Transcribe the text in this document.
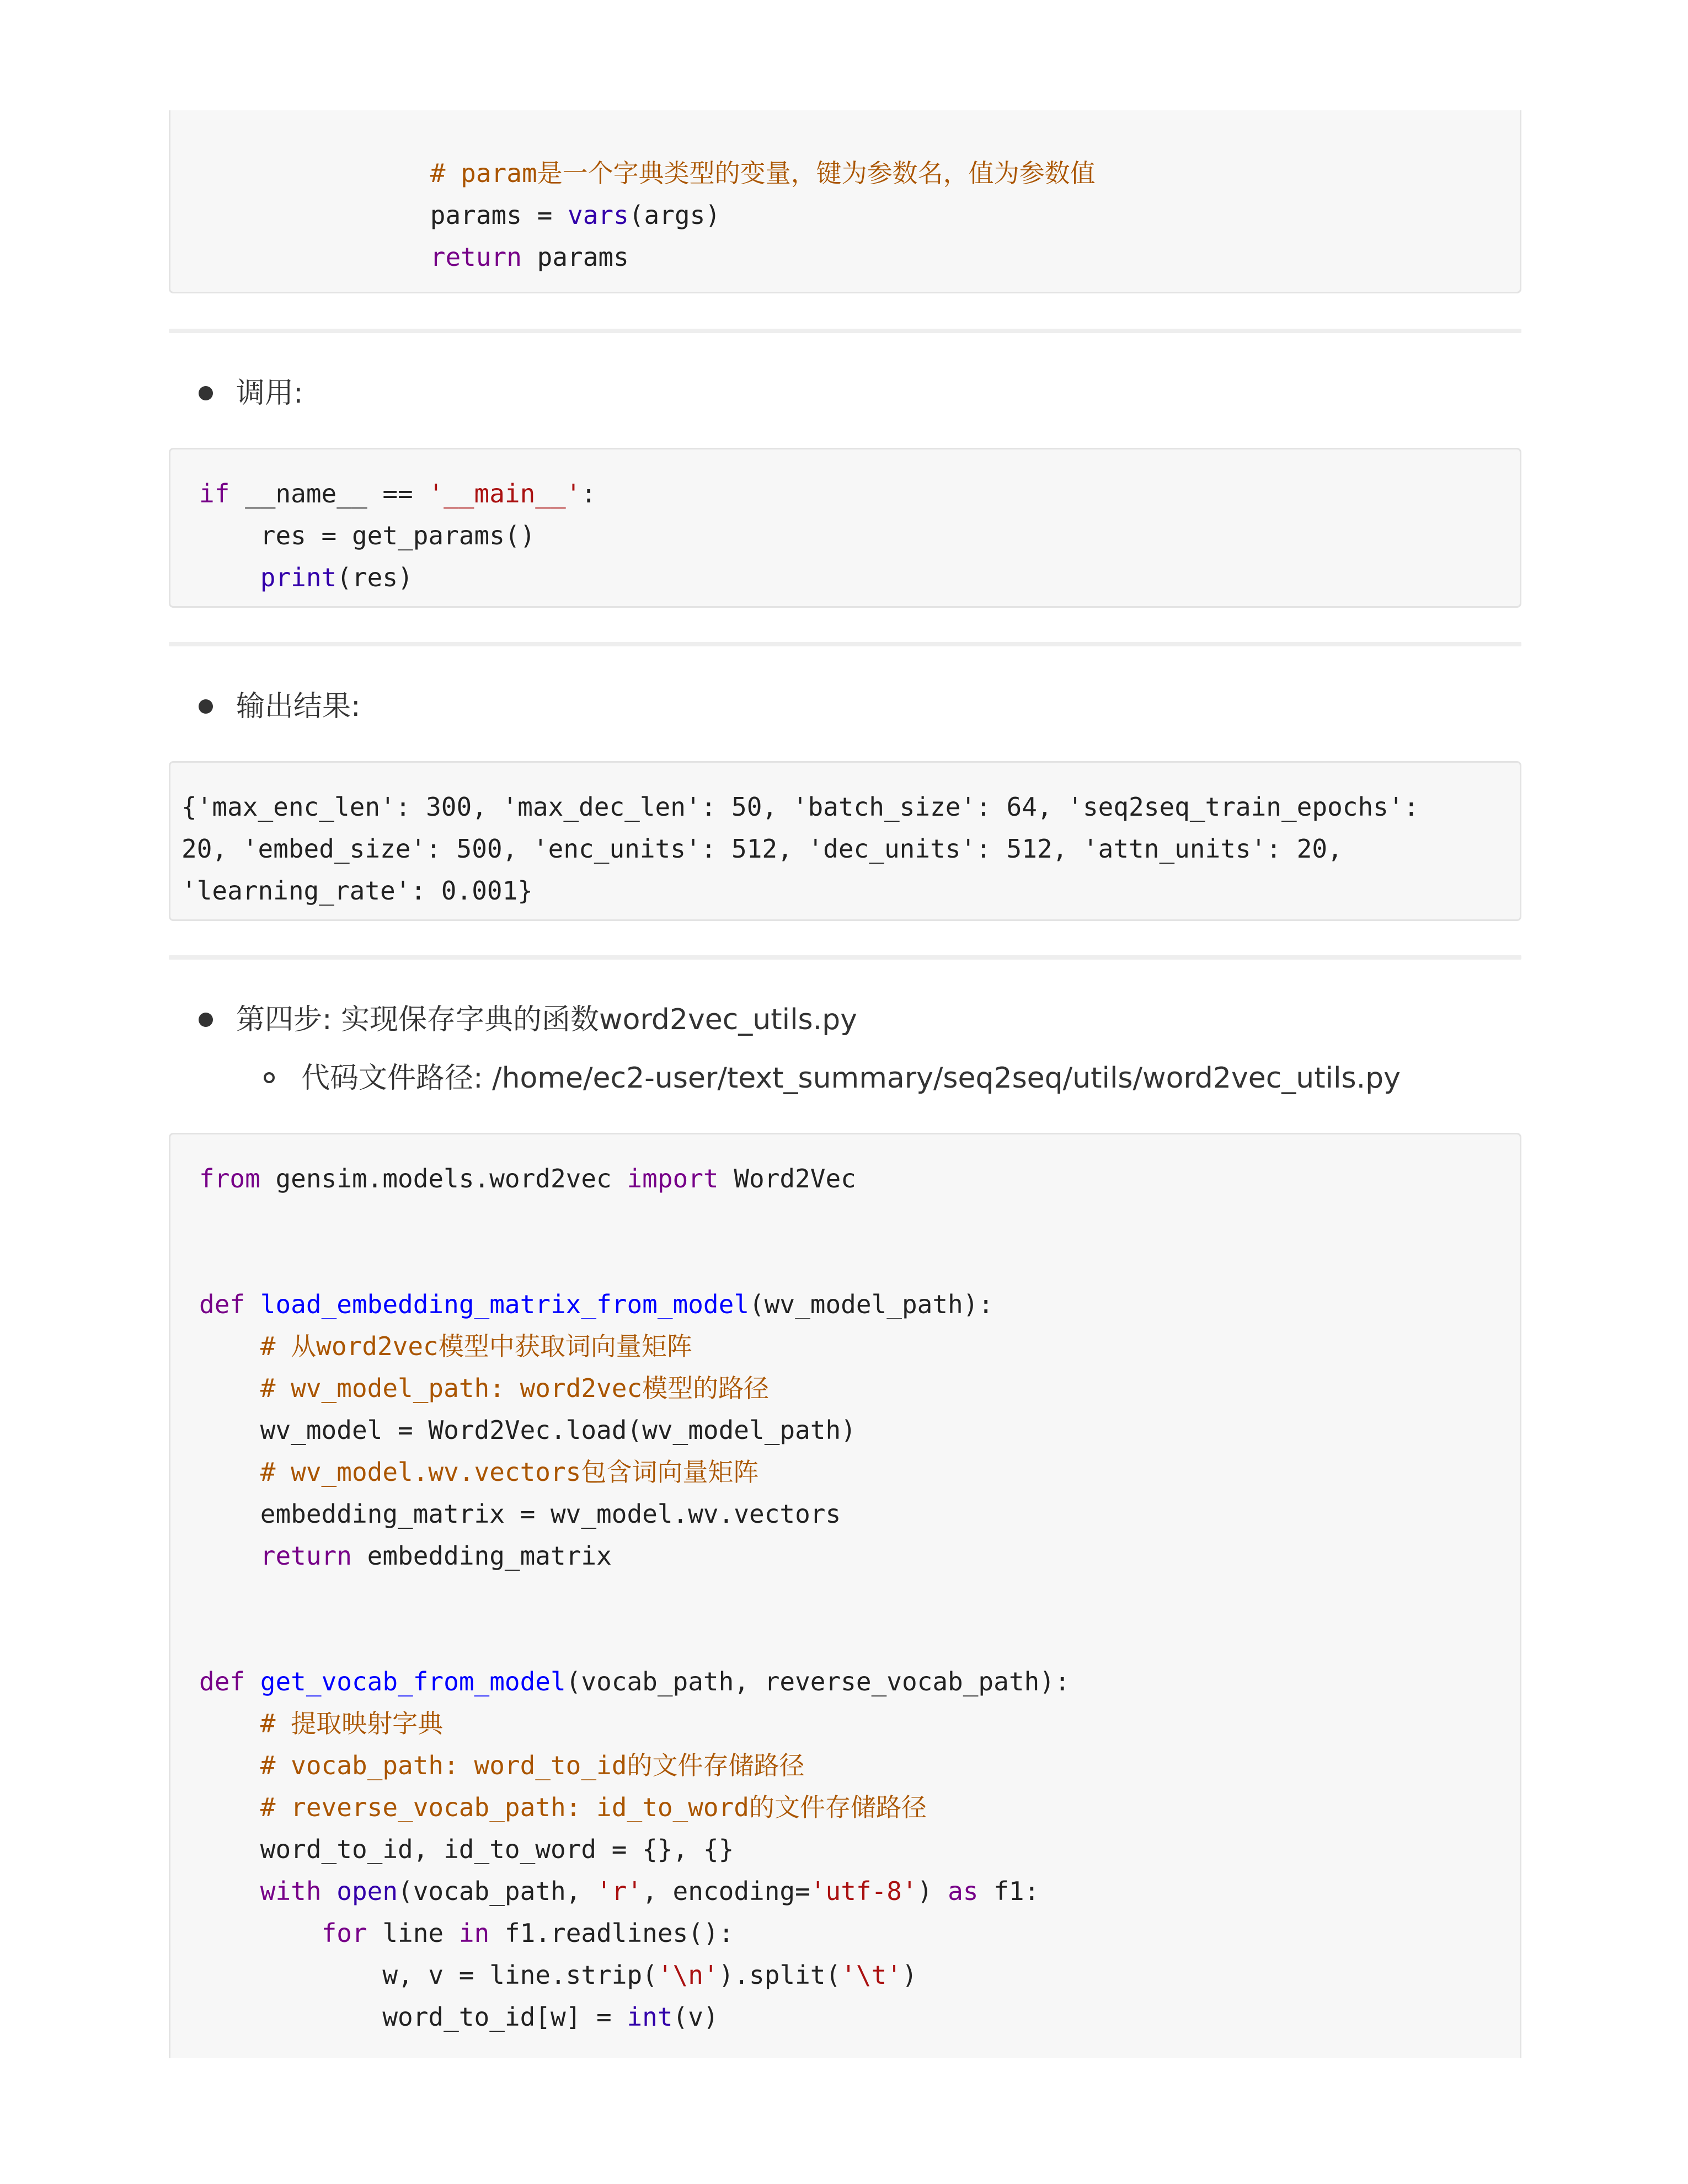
# param是一个字典类型的变量，键为参数名，值为参数值
params = vars(args)
return params
调用:
if __name__ == '__main__':
res = get_params()
print(res)
输出结果:
{'max_enc_len': 300, 'max_dec_len': 50, 'batch_size': 64, 'seq2seq_train_epochs':
20, 'embed_size': 500, 'enc_units': 512, 'dec_units': 512, 'attn_units': 20,
'learning_rate': 0.001}
第四步: 实现保存字典的函数word2vec_utils.py
代码文件路径: /home/ec2-user/text_summary/seq2seq/utils/word2vec_utils.py
from gensim.models.word2vec import Word2Vec

def load_embedding_matrix_from_model(wv_model_path):
# 从word2vec模型中获取词向量矩阵
# wv_model_path: word2vec模型的路径
wv_model = Word2Vec.load(wv_model_path)
# wv_model.wv.vectors包含词向量矩阵
embedding_matrix = wv_model.wv.vectors
return embedding_matrix

def get_vocab_from_model(vocab_path, reverse_vocab_path):
# 提取映射字典
# vocab_path: word_to_id的文件存储路径
# reverse_vocab_path: id_to_word的文件存储路径
word_to_id, id_to_word = {}, {}
with open(vocab_path, 'r', encoding='utf-8') as f1:
for line in f1.readlines():
w, v = line.strip('\n').split('\t')
word_to_id[w] = int(v)
